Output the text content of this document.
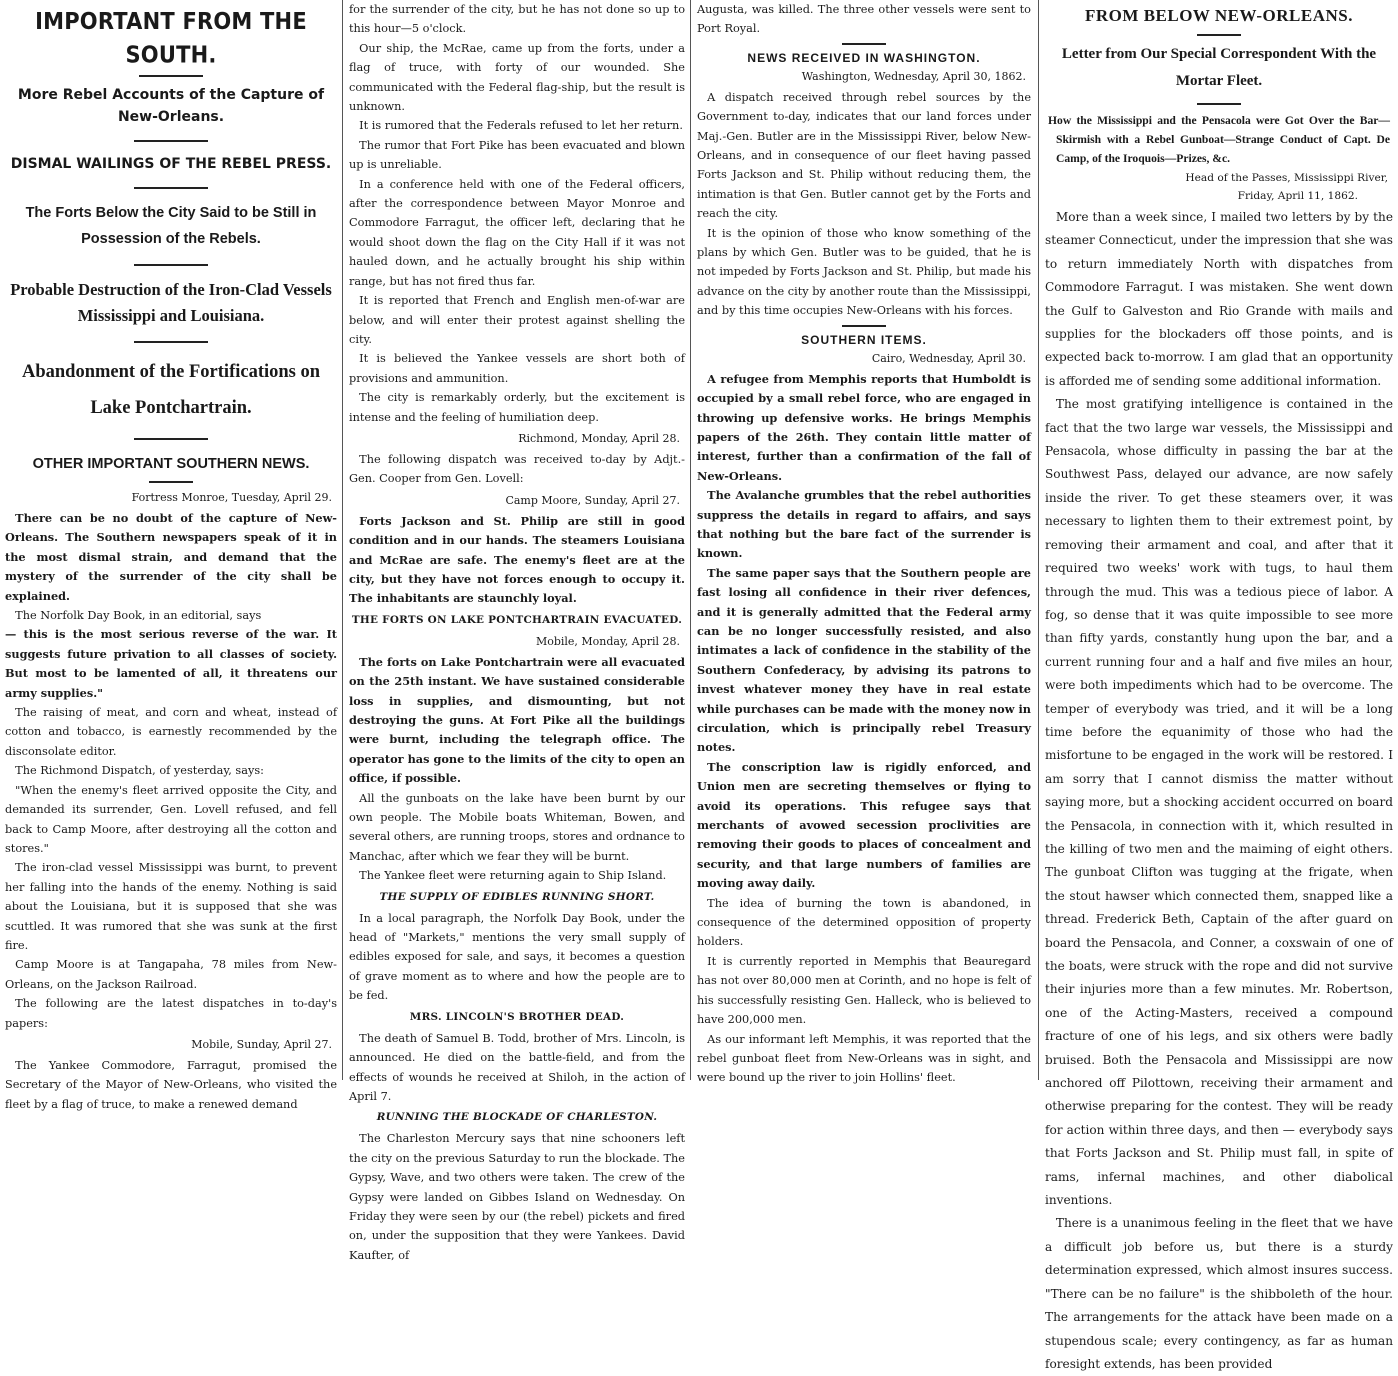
IMPORTANT FROM THE SOUTH.
More Rebel Accounts of the Capture of New-Orleans.
DISMAL WAILINGS OF THE REBEL PRESS.
The Forts Below the City Said to be Still in Possession of the Rebels.
Probable Destruction of the Iron-Clad Vessels Mississippi and Louisiana.
Abandonment of the Fortifications on Lake Pontchartrain.
OTHER IMPORTANT SOUTHERN NEWS.
Fortress Monroe, Tuesday, April 29.

There can be no doubt of the capture of New-Orleans. The Southern newspapers speak of it in the most dismal strain, and demand that the mystery of the surrender of the city shall be explained.

The Norfolk Day Book, in an editorial, says

— this is the most serious reverse of the war. It suggests future privation to all classes of society. But most to be lamented of all, it threatens our army supplies."

The raising of meat, and corn and wheat, instead of cotton and tobacco, is earnestly recommended by the disconsolate editor.

The Richmond Dispatch, of yesterday, says:

"When the enemy's fleet arrived opposite the City, and demanded its surrender, Gen. Lovell refused, and fell back to Camp Moore, after destroying all the cotton and stores."

The iron-clad vessel Mississippi was burnt, to prevent her falling into the hands of the enemy. Nothing is said about the Louisiana, but it is supposed that she was scuttled. It was rumored that she was sunk at the first fire.

Camp Moore is at Tangapaha, 78 miles from New-Orleans, on the Jackson Railroad.

The following are the latest dispatches in to-day's papers:

Mobile, Sunday, April 27.

The Yankee Commodore, Farragut, promised the Secretary of the Mayor of New-Orleans, who visited the fleet by a flag of truce, to make a renewed demand

for the surrender of the city, but he has not done so up to this hour—5 o'clock.

Our ship, the McRae, came up from the forts, under a flag of truce, with forty of our wounded. She communicated with the Federal flag-ship, but the result is unknown.

It is rumored that the Federals refused to let her return.

The rumor that Fort Pike has been evacuated and blown up is unreliable.

In a conference held with one of the Federal officers, after the correspondence between Mayor Monroe and Commodore Farragut, the officer left, declaring that he would shoot down the flag on the City Hall if it was not hauled down, and he actually brought his ship within range, but has not fired thus far.

It is reported that French and English men-of-war are below, and will enter their protest against shelling the city.

It is believed the Yankee vessels are short both of provisions and ammunition.

The city is remarkably orderly, but the excitement is intense and the feeling of humiliation deep.

Richmond, Monday, April 28.

The following dispatch was received to-day by Adjt.-Gen. Cooper from Gen. Lovell:

Camp Moore, Sunday, April 27.

Forts Jackson and St. Philip are still in good condition and in our hands. The steamers Louisiana and McRae are safe. The enemy's fleet are at the city, but they have not forces enough to occupy it. The inhabitants are staunchly loyal.

THE FORTS ON LAKE PONTCHARTRAIN EVACUATED.
Mobile, Monday, April 28.

The forts on Lake Pontchartrain were all evacuated on the 25th instant. We have sustained considerable loss in supplies, and dismounting, but not destroying the guns. At Fort Pike all the buildings were burnt, including the telegraph office. The operator has gone to the limits of the city to open an office, if possible.

All the gunboats on the lake have been burnt by our own people. The Mobile boats Whiteman, Bowen, and several others, are running troops, stores and ordnance to Manchac, after which we fear they will be burnt.

The Yankee fleet were returning again to Ship Island.

THE SUPPLY OF EDIBLES RUNNING SHORT.

In a local paragraph, the Norfolk Day Book, under the head of "Markets," mentions the very small supply of edibles exposed for sale, and says, it becomes a question of grave moment as to where and how the people are to be fed.

MRS. LINCOLN'S BROTHER DEAD.

The death of Samuel B. Todd, brother of Mrs. Lincoln, is announced. He died on the battle-field, and from the effects of wounds he received at Shiloh, in the action of April 7.

RUNNING THE BLOCKADE OF CHARLESTON.

The Charleston Mercury says that nine schooners left the city on the previous Saturday to run the blockade. The Gypsy, Wave, and two others were taken. The crew of the Gypsy were landed on Gibbes Island on Wednesday. On Friday they were seen by our (the rebel) pickets and fired on, under the supposition that they were Yankees. David Kaufter, of

Augusta, was killed. The three other vessels were sent to Port Royal.

NEWS RECEIVED IN WASHINGTON.
Washington, Wednesday, April 30, 1862.

A dispatch received through rebel sources by the Government to-day, indicates that our land forces under Maj.-Gen. Butler are in the Mississippi River, below New-Orleans, and in consequence of our fleet having passed Forts Jackson and St. Philip without reducing them, the intimation is that Gen. Butler cannot get by the Forts and reach the city.

It is the opinion of those who know something of the plans by which Gen. Butler was to be guided, that he is not impeded by Forts Jackson and St. Philip, but made his advance on the city by another route than the Mississippi, and by this time occupies New-Orleans with his forces.

SOUTHERN ITEMS.
Cairo, Wednesday, April 30.

A refugee from Memphis reports that Humboldt is occupied by a small rebel force, who are engaged in throwing up defensive works. He brings Memphis papers of the 26th. They contain little matter of interest, further than a confirmation of the fall of New-Orleans.

The Avalanche grumbles that the rebel authorities suppress the details in regard to affairs, and says that nothing but the bare fact of the surrender is known.

The same paper says that the Southern people are fast losing all confidence in their river defences, and it is generally admitted that the Federal army can be no longer successfully resisted, and also intimates a lack of confidence in the stability of the Southern Confederacy, by advising its patrons to invest whatever money they have in real estate while purchases can be made with the money now in circulation, which is principally rebel Treasury notes.

The conscription law is rigidly enforced, and Union men are secreting themselves or flying to avoid its operations. This refugee says that merchants of avowed secession proclivities are removing their goods to places of concealment and security, and that large numbers of families are moving away daily.

The idea of burning the town is abandoned, in consequence of the determined opposition of property holders.

It is currently reported in Memphis that Beauregard has not over 80,000 men at Corinth, and no hope is felt of his successfully resisting Gen. Halleck, who is believed to have 200,000 men.

As our informant left Memphis, it was reported that the rebel gunboat fleet from New-Orleans was in sight, and were bound up the river to join Hollins' fleet.

FROM BELOW NEW-ORLEANS.
Letter from Our Special Correspondent With the Mortar Fleet.
How the Mississippi and the Pensacola were Got Over the Bar—Skirmish with a Rebel Gunboat—Strange Conduct of Capt. De Camp, of the Iroquois—Prizes, &c.
Head of the Passes, Mississippi River,
Friday, April 11, 1862.

More than a week since, I mailed two letters by by the steamer Connecticut, under the impression that she was to return immediately North with dispatches from Commodore Farragut. I was mistaken. She went down the Gulf to Galveston and Rio Grande with mails and supplies for the blockaders off those points, and is expected back to-morrow. I am glad that an opportunity is afforded me of sending some additional information.

The most gratifying intelligence is contained in the fact that the two large war vessels, the Mississippi and Pensacola, whose difficulty in passing the bar at the Southwest Pass, delayed our advance, are now safely inside the river. To get these steamers over, it was necessary to lighten them to their extremest point, by removing their armament and coal, and after that it required two weeks' work with tugs, to haul them through the mud. This was a tedious piece of labor. A fog, so dense that it was quite impossible to see more than fifty yards, constantly hung upon the bar, and a current running four and a half and five miles an hour, were both impediments which had to be overcome. The temper of everybody was tried, and it will be a long time before the equanimity of those who had the misfortune to be engaged in the work will be restored. I am sorry that I cannot dismiss the matter without saying more, but a shocking accident occurred on board the Pensacola, in connection with it, which resulted in the killing of two men and the maiming of eight others. The gunboat Clifton was tugging at the frigate, when the stout hawser which connected them, snapped like a thread. Frederick Beth, Captain of the after guard on board the Pensacola, and Conner, a coxswain of one of the boats, were struck with the rope and did not survive their injuries more than a few minutes. Mr. Robertson, one of the Acting-Masters, received a compound fracture of one of his legs, and six others were badly bruised. Both the Pensacola and Mississippi are now anchored off Pilottown, receiving their armament and otherwise preparing for the contest. They will be ready for action within three days, and then — everybody says that Forts Jackson and St. Philip must fall, in spite of rams, infernal machines, and other diabolical inventions.

There is a unanimous feeling in the fleet that we have a difficult job before us, but there is a sturdy determination expressed, which almost insures success. "There can be no failure" is the shibboleth of the hour. The arrangements for the attack have been made on a stupendous scale; every contingency, as far as human foresight extends, has been provided
